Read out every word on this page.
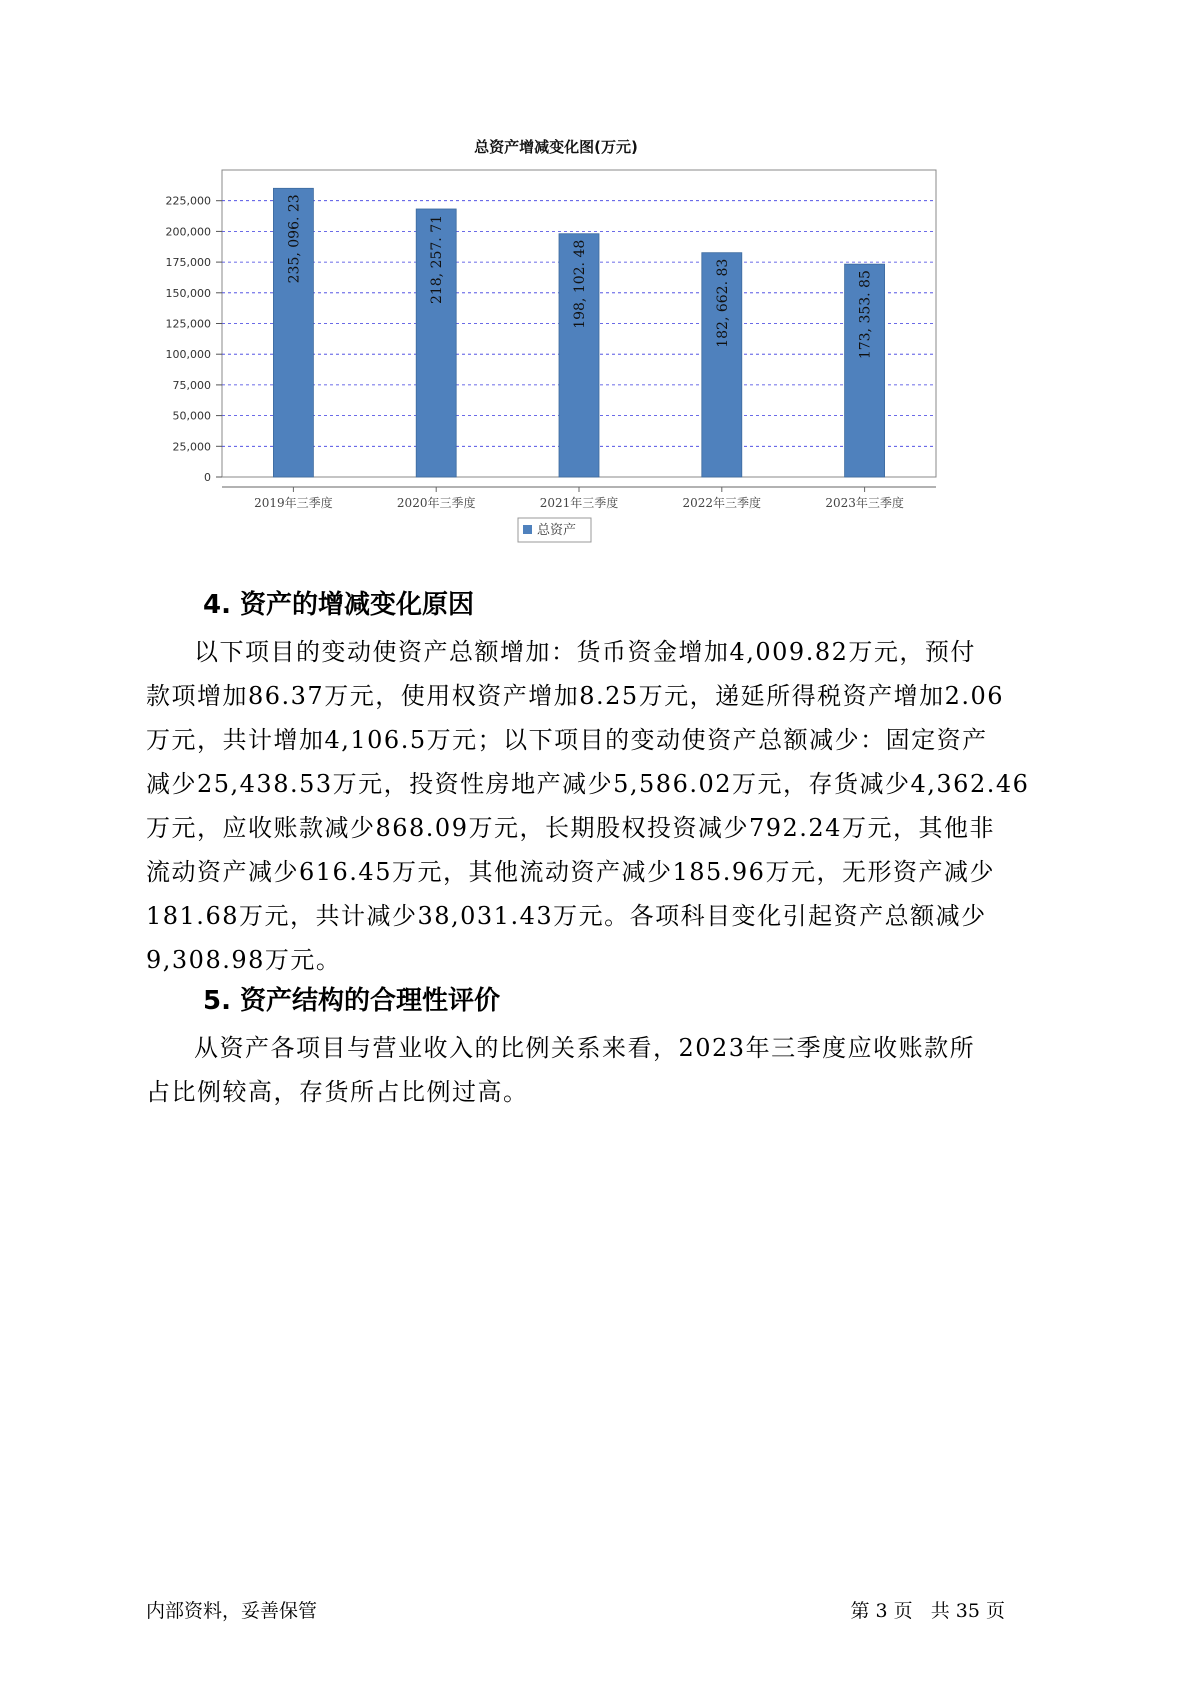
总资产增减变化图(万元)
0
25,000
50,000
75,000
100,000
125,000
150,000
175,000
200,000
225,000	235, 096. 23
2019年三季度
218, 257. 71
2020年三季度
198, 102. 48
2021年三季度
182, 662. 83
2022年三季度
173, 353. 85
2023年三季度
总资产
4. 资产的增减变化原因
以下项目的变动使资产总额增加：货币资金增加4,009.82万元，预付
款项增加86.37万元，使用权资产增加8.25万元，递延所得税资产增加2.06
万元，共计增加4,106.5万元；以下项目的变动使资产总额减少：固定资产
减少25,438.53万元，投资性房地产减少5,586.02万元，存货减少4,362.46
万元，应收账款减少868.09万元，长期股权投资减少792.24万元，其他非
流动资产减少616.45万元，其他流动资产减少185.96万元，无形资产减少
181.68万元，共计减少38,031.43万元。各项科目变化引起资产总额减少
9,308.98万元。
5. 资产结构的合理性评价
从资产各项目与营业收入的比例关系来看，2023年三季度应收账款所
占比例较高，存货所占比例过高。
内部资料，妥善保管	第 3 页   共 35 页
